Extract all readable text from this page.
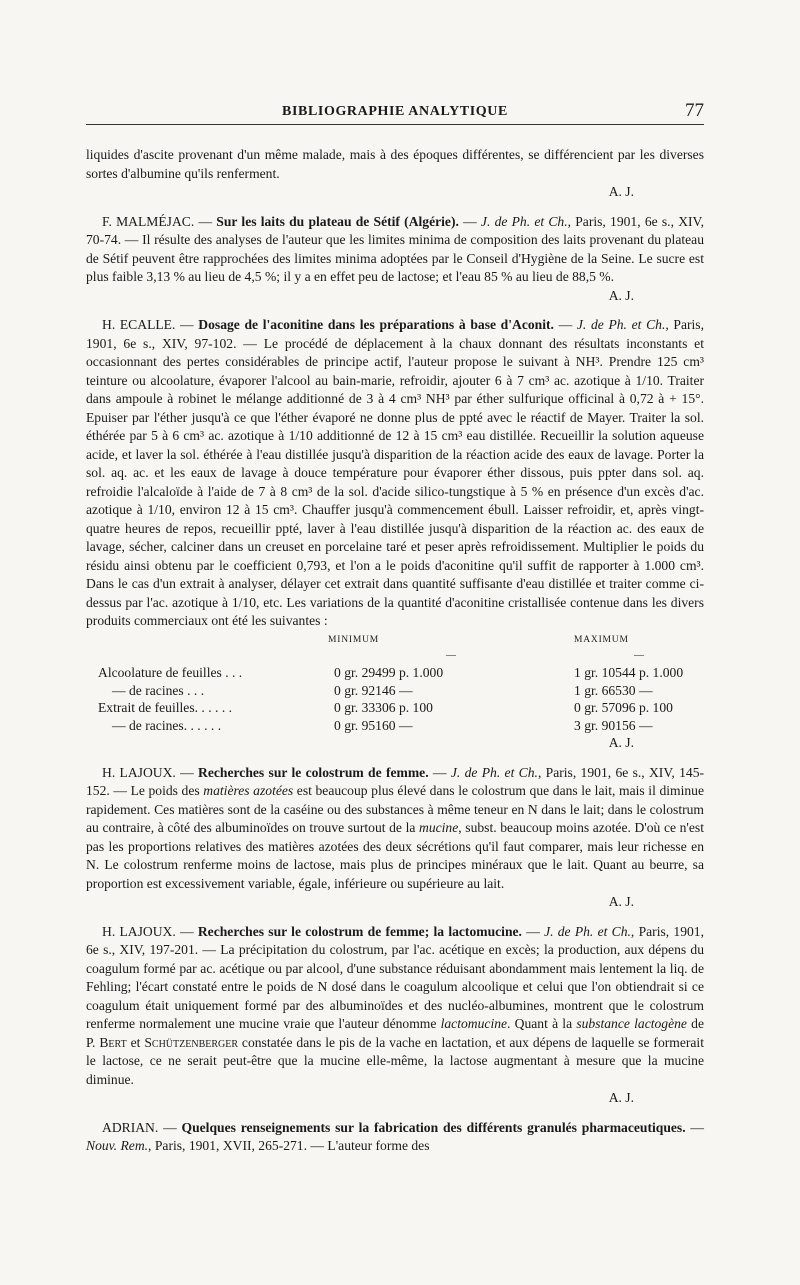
BIBLIOGRAPHIE ANALYTIQUE	77

liquides d'ascite provenant d'un même malade, mais à des époques différentes, se différencient par les diverses sortes d'albumine qu'ils renferment.

A. J.

F. MALMÉJAC. — Sur les laits du plateau de Sétif (Algérie). — J. de Ph. et Ch., Paris, 1901, 6e s., XIV, 70-74. — Il résulte des analyses de l'auteur que les limites minima de composition des laits provenant du plateau de Sétif peuvent être rapprochées des limites minima adoptées par le Conseil d'Hygiène de la Seine. Le sucre est plus faible 3,13 % au lieu de 4,5 %; il y a en effet peu de lactose; et l'eau 85 % au lieu de 88,5 %.

A. J.

H. ECALLE. — Dosage de l'aconitine dans les préparations à base d'Aconit. — J. de Ph. et Ch., Paris, 1901, 6e s., XIV, 97-102. — Le procédé de déplacement à la chaux donnant des résultats inconstants et occasionnant des pertes considérables de principe actif, l'auteur propose le suivant à NH³. Prendre 125 cm³ teinture ou alcoolature, évaporer l'alcool au bain-marie, refroidir, ajouter 6 à 7 cm³ ac. azotique à 1/10. Traiter dans ampoule à robinet le mélange additionné de 3 à 4 cm³ NH³ par éther sulfurique officinal à 0,72 à + 15°. Epuiser par l'éther jusqu'à ce que l'éther évaporé ne donne plus de ppté avec le réactif de Mayer. Traiter la sol. éthérée par 5 à 6 cm³ ac. azotique à 1/10 additionné de 12 à 15 cm³ eau distillée. Recueillir la solution aqueuse acide, et laver la sol. éthérée à l'eau distillée jusqu'à disparition de la réaction acide des eaux de lavage. Porter la sol. aq. ac. et les eaux de lavage à douce température pour évaporer éther dissous, puis ppter dans sol. aq. refroidie l'alcaloïde à l'aide de 7 à 8 cm³ de la sol. d'acide silico-tungstique à 5 % en présence d'un excès d'ac. azotique à 1/10, environ 12 à 15 cm³. Chauffer jusqu'à commencement ébull. Laisser refroidir, et, après vingt-quatre heures de repos, recueillir ppté, laver à l'eau distillée jusqu'à disparition de la réaction ac. des eaux de lavage, sécher, calciner dans un creuset en porcelaine taré et peser après refroidissement. Multiplier le poids du résidu ainsi obtenu par le coefficient 0,793, et l'on a le poids d'aconitine qu'il suffit de rapporter à 1.000 cm³. Dans le cas d'un extrait à analyser, délayer cet extrait dans quantité suffisante d'eau distillée et traiter comme ci-dessus par l'ac. azotique à 1/10, etc. Les variations de la quantité d'aconitine cristallisée contenue dans les divers produits commerciaux ont été les suivantes :

	MINIMUM	MAXIMUM
	—	—
Alcoolature de feuilles . . .	0 gr. 29499 p. 1.000	1 gr. 10544 p. 1.000
— de racines . . .	0 gr. 92146 —	1 gr. 66530 —
Extrait de feuilles. . . . . .	0 gr. 33306 p. 100	0 gr. 57096 p. 100
— de racines. . . . . .	0 gr. 95160 —	3 gr. 90156 —
A. J.

H. LAJOUX. — Recherches sur le colostrum de femme. — J. de Ph. et Ch., Paris, 1901, 6e s., XIV, 145-152. — Le poids des matières azotées est beaucoup plus élevé dans le colostrum que dans le lait, mais il diminue rapidement. Ces matières sont de la caséine ou des substances à même teneur en N dans le lait; dans le colostrum au contraire, à côté des albuminoïdes on trouve surtout de la mucine, subst. beaucoup moins azotée. D'où ce n'est pas les proportions relatives des matières azotées des deux sécrétions qu'il faut comparer, mais leur richesse en N. Le colostrum renferme moins de lactose, mais plus de principes minéraux que le lait. Quant au beurre, sa proportion est excessivement variable, égale, inférieure ou supérieure au lait.

A. J.

H. LAJOUX. — Recherches sur le colostrum de femme; la lactomucine. — J. de Ph. et Ch., Paris, 1901, 6e s., XIV, 197-201. — La précipitation du colostrum, par l'ac. acétique en excès; la production, aux dépens du coagulum formé par ac. acétique ou par alcool, d'une substance réduisant abondamment mais lentement la liq. de Fehling; l'écart constaté entre le poids de N dosé dans le coagulum alcoolique et celui que l'on obtiendrait si ce coagulum était uniquement formé par des albuminoïdes et des nucléo-albumines, montrent que le colostrum renferme normalement une mucine vraie que l'auteur dénomme lactomucine. Quant à la substance lactogène de P. Bert et Schützenberger constatée dans le pis de la vache en lactation, et aux dépens de laquelle se formerait le lactose, ce ne serait peut-être que la mucine elle-même, la lactose augmentant à mesure que la mucine diminue.

A. J.

ADRIAN. — Quelques renseignements sur la fabrication des différents granulés pharmaceutiques. — Nouv. Rem., Paris, 1901, XVII, 265-271. — L'auteur forme des
